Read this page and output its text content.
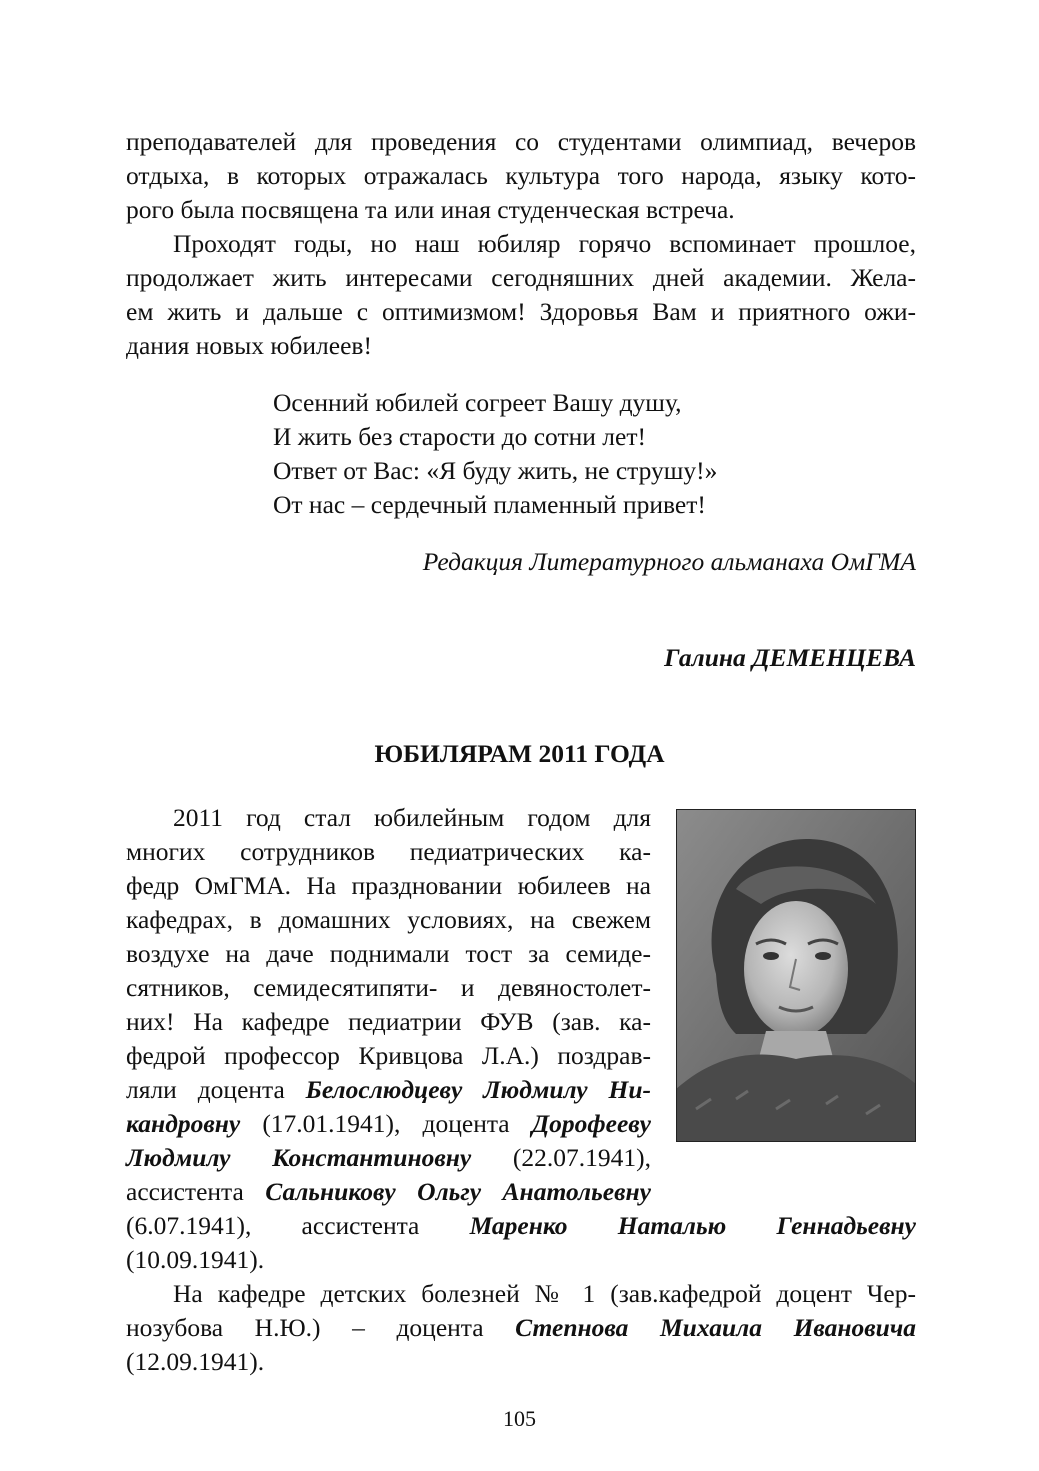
преподавателей для проведения со студентами олимпиад, вечеров
отдыха, в которых отражалась культура того народа, языку кото-
рого была посвящена та или иная студенческая встреча.
Проходят годы, но наш юбиляр горячо вспоминает прошлое,
продолжает жить интересами сегодняшних дней академии. Жела-
ем жить и дальше с оптимизмом! Здоровья Вам и приятного ожи-
дания новых юбилеев!
Осенний юбилей согреет Вашу душу,
И жить без старости до сотни лет!
Ответ от Вас: «Я буду жить, не струшу!»
От нас – сердечный пламенный привет!
Редакция Литературного альманаха ОмГМА
Галина ДЕМЕНЦЕВА
ЮБИЛЯРАМ 2011 ГОДА
2011 год стал юбилейным годом для
многих сотрудников педиатрических ка-
федр ОмГМА. На праздновании юбилеев на
кафедрах, в домашних условиях, на свежем
воздухе на даче поднимали тост за семиде-
сятников, семидесятипяти- и девяностолет-
них! На кафедре педиатрии ФУВ (зав. ка-
федрой профессор Кривцова Л.А.) поздрав-
ляли доцента Белослюдцеву Людмилу Ни-
кандровну (17.01.1941), доцента Дорофееву
Людмилу Константиновну (22.07.1941),
ассистента Сальникову Ольгу Анатольевну
(6.07.1941), ассистента Маренко Наталью Геннадьевну
(10.09.1941).
На кафедре детских болезней № 1 (зав.кафедрой доцент Чер-
нозубова Н.Ю.) – доцента Степнова Михаила Ивановича
(12.09.1941).
105
